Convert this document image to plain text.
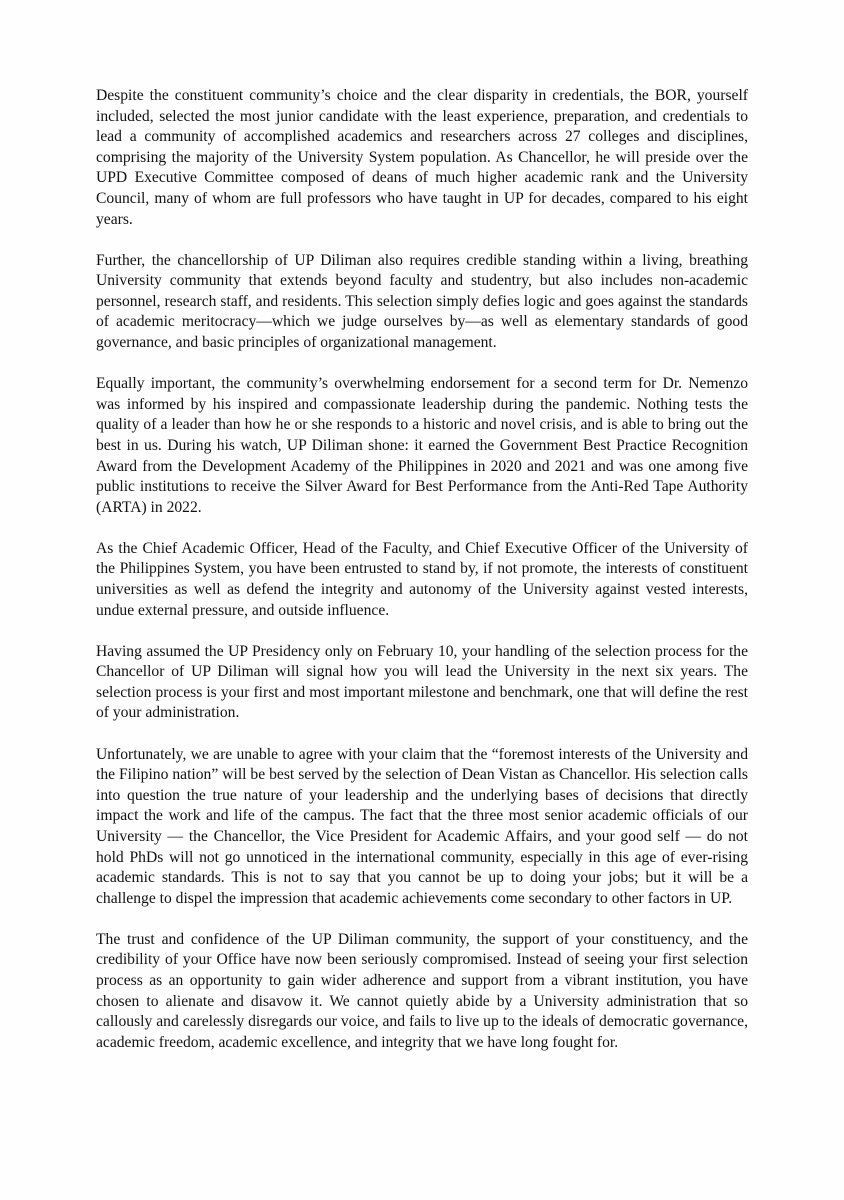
Despite the constituent community’s choice and the clear disparity in credentials, the BOR, yourself included, selected the most junior candidate with the least experience, preparation, and credentials to lead a community of accomplished academics and researchers across 27 colleges and disciplines, comprising the majority of the University System population. As Chancellor, he will preside over the UPD Executive Committee composed of deans of much higher academic rank and the University Council, many of whom are full professors who have taught in UP for decades, compared to his eight years.

Further, the chancellorship of UP Diliman also requires credible standing within a living, breathing University community that extends beyond faculty and studentry, but also includes non-academic personnel, research staff, and residents. This selection simply defies logic and goes against the standards of academic meritocracy—which we judge ourselves by—as well as elementary standards of good governance, and basic principles of organizational management.

Equally important, the community’s overwhelming endorsement for a second term for Dr. Nemenzo was informed by his inspired and compassionate leadership during the pandemic. Nothing tests the quality of a leader than how he or she responds to a historic and novel crisis, and is able to bring out the best in us. During his watch, UP Diliman shone: it earned the Government Best Practice Recognition Award from the Development Academy of the Philippines in 2020 and 2021 and was one among five public institutions to receive the Silver Award for Best Performance from the Anti-Red Tape Authority (ARTA) in 2022.

As the Chief Academic Officer, Head of the Faculty, and Chief Executive Officer of the University of the Philippines System, you have been entrusted to stand by, if not promote, the interests of constituent universities as well as defend the integrity and autonomy of the University against vested interests, undue external pressure, and outside influence.

Having assumed the UP Presidency only on February 10, your handling of the selection process for the Chancellor of UP Diliman will signal how you will lead the University in the next six years. The selection process is your first and most important milestone and benchmark, one that will define the rest of your administration.

Unfortunately, we are unable to agree with your claim that the “foremost interests of the University and the Filipino nation” will be best served by the selection of Dean Vistan as Chancellor. His selection calls into question the true nature of your leadership and the underlying bases of decisions that directly impact the work and life of the campus. The fact that the three most senior academic officials of our University — the Chancellor, the Vice President for Academic Affairs, and your good self — do not hold PhDs will not go unnoticed in the international community, especially in this age of ever-rising academic standards. This is not to say that you cannot be up to doing your jobs; but it will be a challenge to dispel the impression that academic achievements come secondary to other factors in UP.

The trust and confidence of the UP Diliman community, the support of your constituency, and the credibility of your Office have now been seriously compromised. Instead of seeing your first selection process as an opportunity to gain wider adherence and support from a vibrant institution, you have chosen to alienate and disavow it. We cannot quietly abide by a University administration that so callously and carelessly disregards our voice, and fails to live up to the ideals of democratic governance, academic freedom, academic excellence, and integrity that we have long fought for.
